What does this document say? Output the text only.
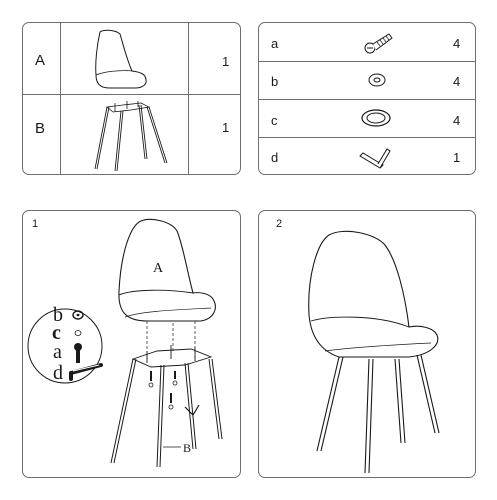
A	1
B	1
a	4
b	4
c	4
d	1
1
A
B
b
c
a
d
2
